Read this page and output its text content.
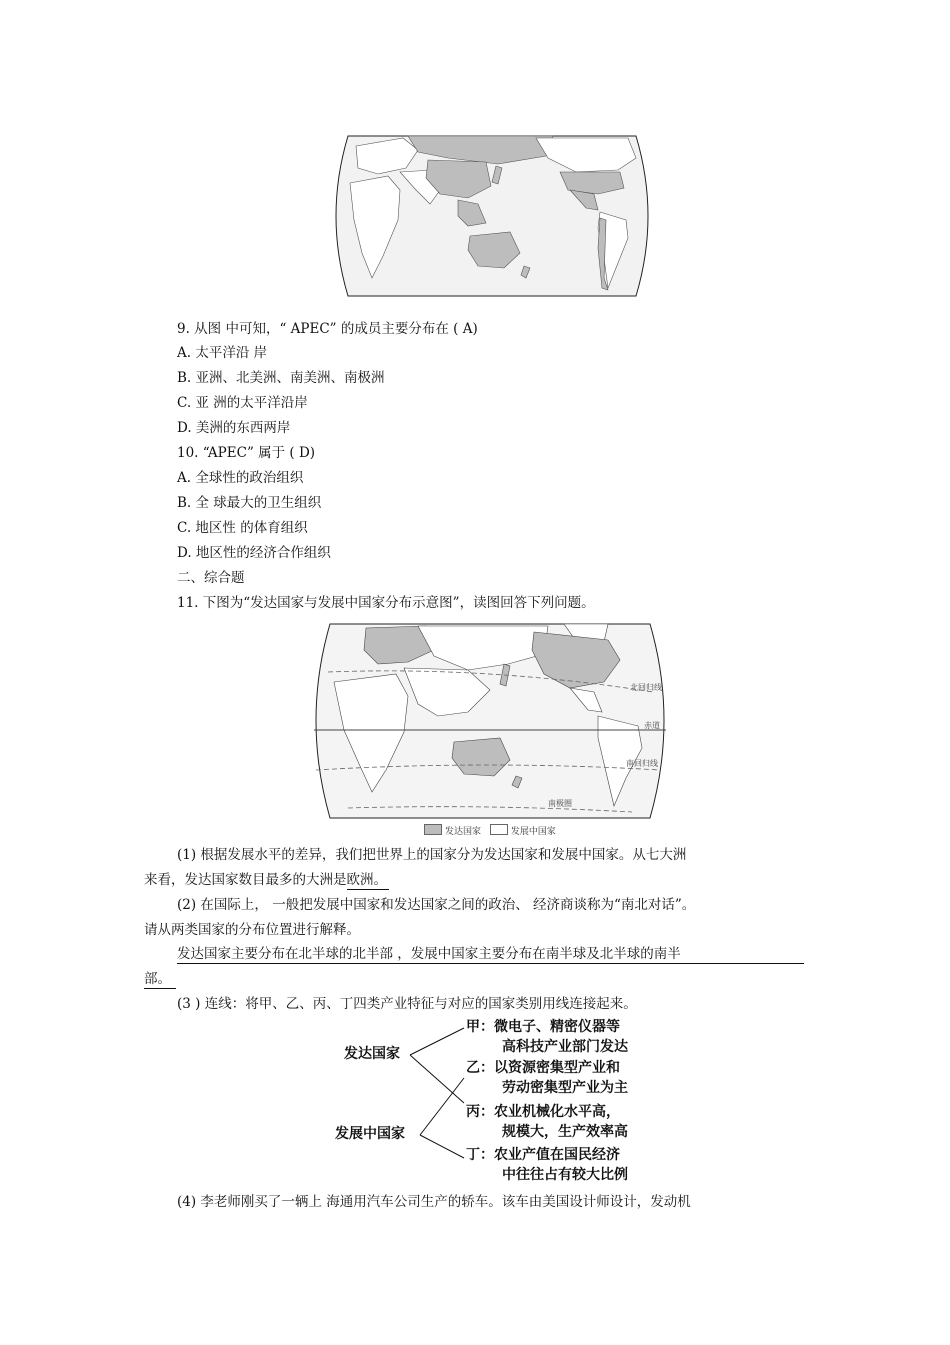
9. 从图 中可知，“ APEC” 的成员主要分布在 ( A)
A. 太平洋沿 岸
B. 亚洲、北美洲、南美洲、南极洲
C. 亚 洲的太平洋沿岸
D. 美洲的东西两岸
10. “APEC” 属于 ( D)
A. 全球性的政治组织
B. 全 球最大的卫生组织
C. 地区性 的体育组织
D. 地区性的经济合作组织
二、综合题
11. 下图为“发达国家与发展中国家分布示意图”，读图回答下列问题。
北回归线
赤道
南回归线
南极圈
发达国家	发展中国家
(1) 根据发展水平的差异，我们把世界上的国家分为发达国家和发展中国家。从七大洲
来看，发达国家数目最多的大洲是欧洲。
(2) 在国际上， 一般把发展中国家和发达国家之间的政治、 经济商谈称为“南北对话”。
请从两类国家的分布位置进行解释。
发达国家主要分布在北半球的北半部 ，发展中国家主要分布在南半球及北半球的南半
部。
(3 ) 连线：将甲、乙、丙、丁四类产业特征与对应的国家类别用线连接起来。
发达国家
发展中国家
甲：微电子、精密仪器等
高科技产业部门发达
乙：以资源密集型产业和
劳动密集型产业为主
丙：农业机械化水平高，
规模大，生产效率高
丁：农业产值在国民经济
中往往占有较大比例
(4) 李老师刚买了一辆上 海通用汽车公司生产的轿车。该车由美国设计师设计，发动机
